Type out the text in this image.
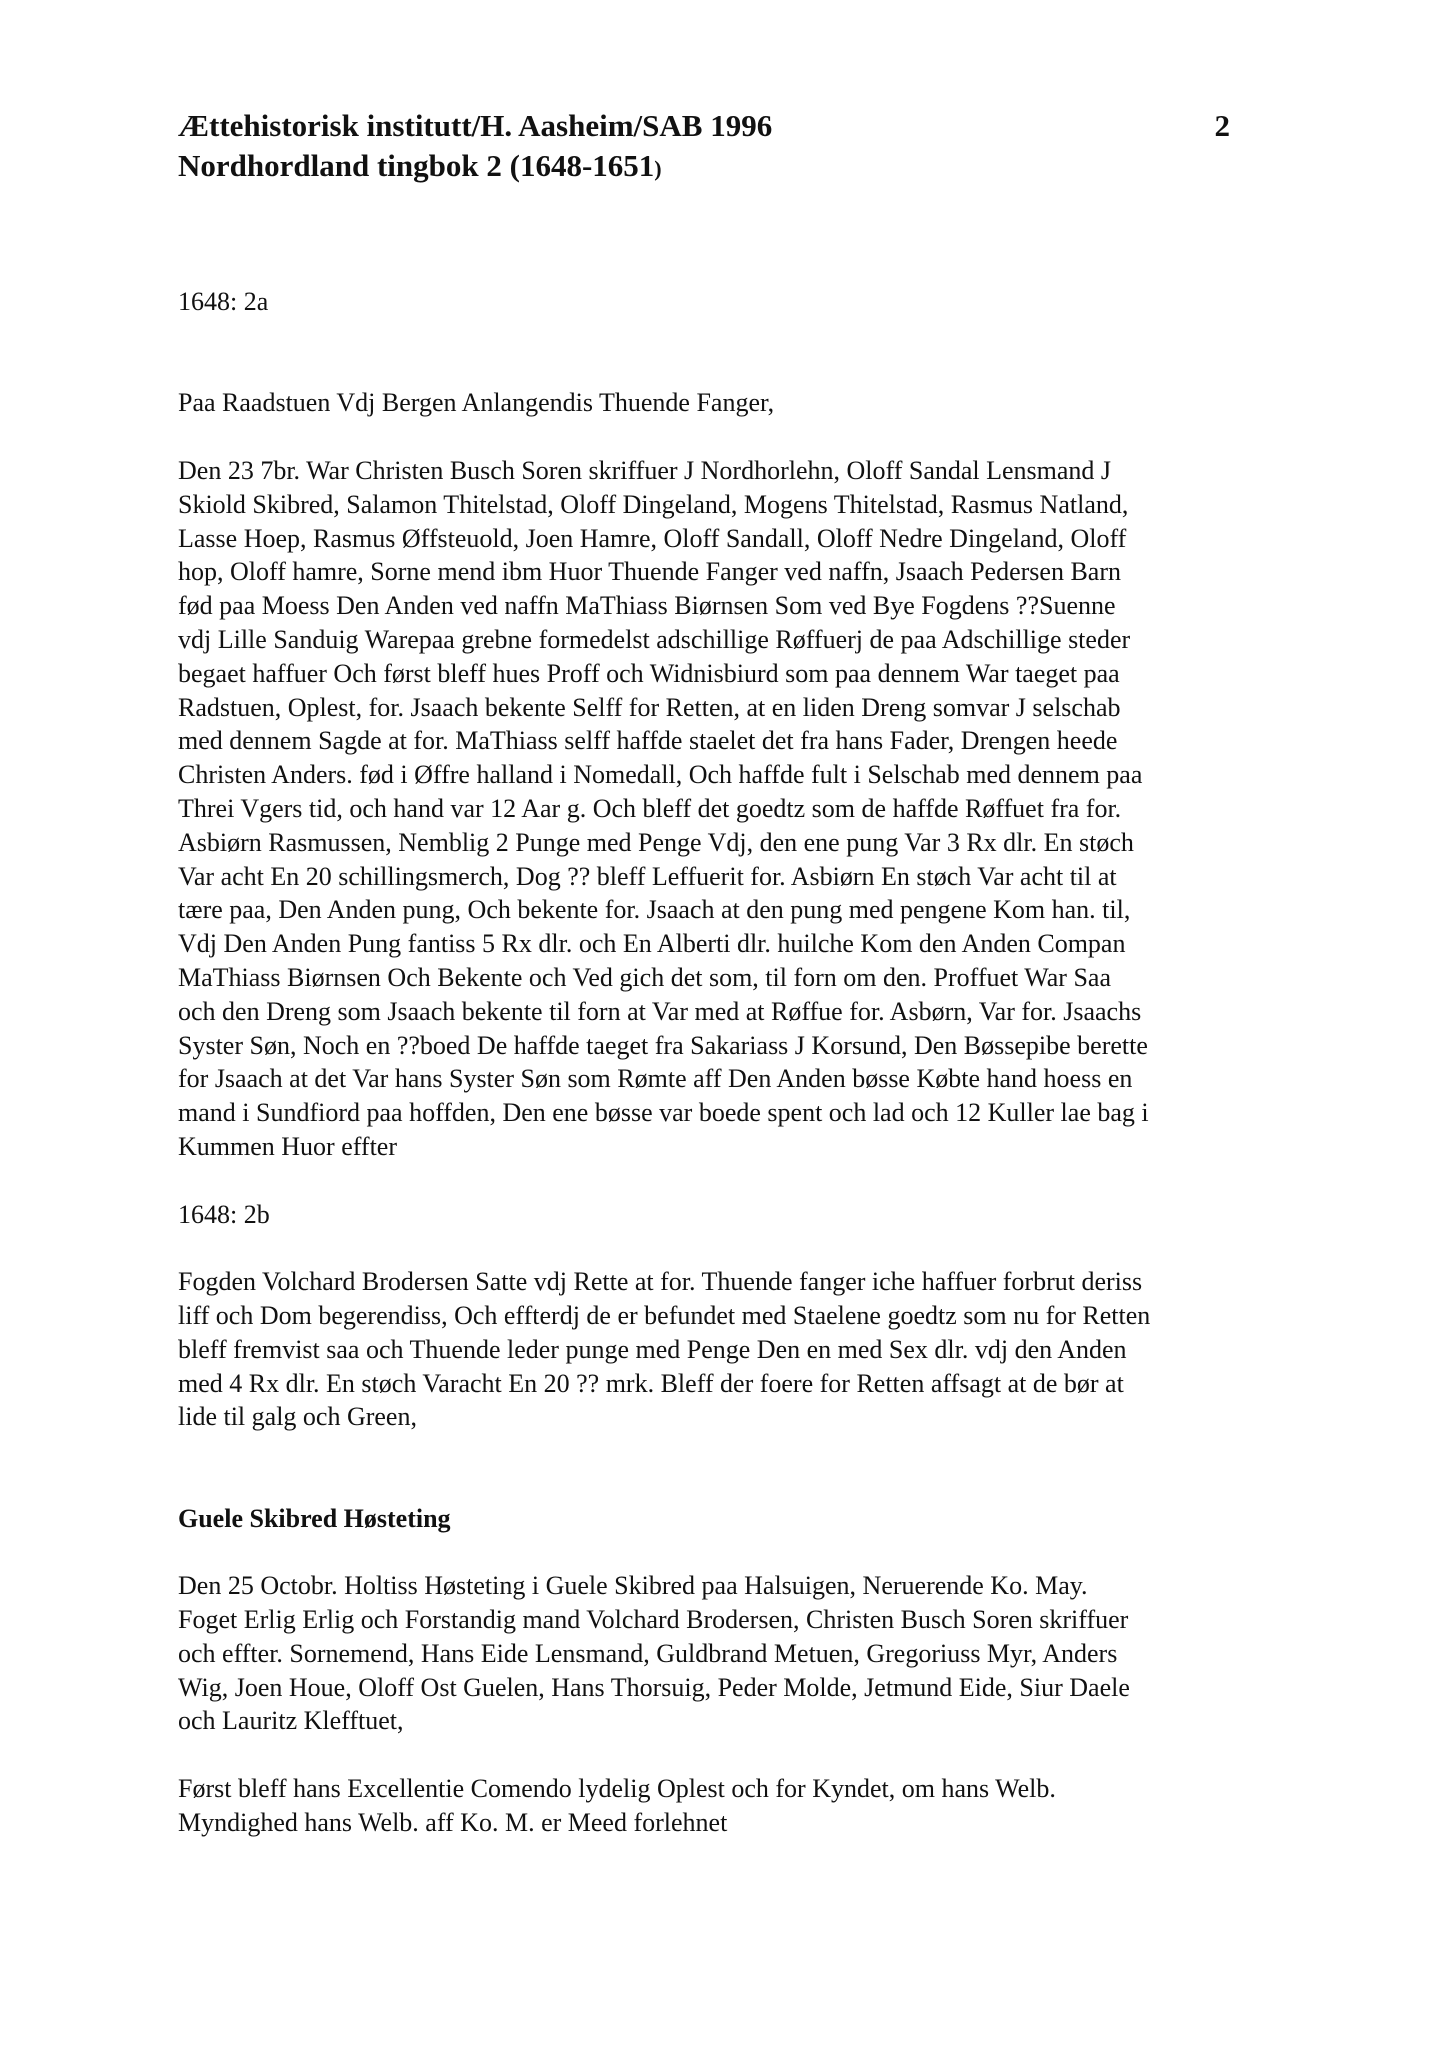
Ættehistorisk institutt/H. Aasheim/SAB 1996	2
Nordhordland tingbok 2 (1648-1651)

1648: 2a

Paa Raadstuen Vdj Bergen Anlangendis Thuende Fanger,

Den 23 7br. War Christen Busch Soren skriffuer J Nordhorlehn, Oloff Sandal Lensmand J
Skiold Skibred, Salamon Thitelstad, Oloff Dingeland, Mogens Thitelstad, Rasmus Natland,
Lasse Hoep, Rasmus Øffsteuold, Joen Hamre, Oloff Sandall, Oloff Nedre Dingeland, Oloff
hop, Oloff hamre, Sorne mend ibm Huor Thuende Fanger ved naffn, Jsaach Pedersen Barn
fød paa Moess Den Anden ved naffn MaThiass Biørnsen Som ved Bye Fogdens ??Suenne
vdj Lille Sanduig Warepaa grebne formedelst adschillige Røffuerj de paa Adschillige steder
begaet haffuer Och først bleff hues Proff och Widnisbiurd som paa dennem War taeget paa
Radstuen, Oplest, for. Jsaach bekente Selff for Retten, at en liden Dreng somvar J selschab
med dennem Sagde at for. MaThiass selff haffde staelet det fra hans Fader, Drengen heede
Christen Anders. fød i Øffre halland i Nomedall, Och haffde fult i Selschab med dennem paa
Threi Vgers tid, och hand var 12 Aar g. Och bleff det goedtz som de haffde Røffuet fra for.
Asbiørn Rasmussen, Nemblig 2 Punge med Penge Vdj, den ene pung Var 3 Rx dlr. En støch
Var acht En 20 schillingsmerch, Dog ?? bleff Leffuerit for. Asbiørn En støch Var acht til at
tære paa, Den Anden pung, Och bekente for. Jsaach at den pung med pengene Kom han. til,
Vdj Den Anden Pung fantiss 5 Rx dlr. och En Alberti dlr. huilche Kom den Anden Compan
MaThiass Biørnsen Och Bekente och Ved gich det som, til forn om den. Proffuet War Saa
och den Dreng som Jsaach bekente til forn at Var med at Røffue for. Asbørn, Var for. Jsaachs
Syster Søn, Noch en ??boed De haffde taeget fra Sakariass J Korsund, Den Bøssepibe berette
for Jsaach at det Var hans Syster Søn som Rømte aff Den Anden bøsse Købte hand hoess en
mand i Sundfiord paa hoffden, Den ene bøsse var boede spent och lad och 12 Kuller lae bag i
Kummen Huor effter

1648: 2b

Fogden Volchard Brodersen Satte vdj Rette at for. Thuende fanger iche haffuer forbrut deriss
liff och Dom begerendiss, Och effterdj de er befundet med Staelene goedtz som nu for Retten
bleff fremvist saa och Thuende leder punge med Penge Den en med Sex dlr. vdj den Anden
med 4 Rx dlr. En støch Varacht En 20 ?? mrk. Bleff der foere for Retten affsagt at de bør at
lide til galg och Green,

Guele Skibred Høsteting

Den 25 Octobr. Holtiss Høsteting i Guele Skibred paa Halsuigen, Neruerende Ko. May.
Foget Erlig Erlig och Forstandig mand Volchard Brodersen, Christen Busch Soren skriffuer
och effter. Sornemend, Hans Eide Lensmand, Guldbrand Metuen, Gregoriuss Myr, Anders
Wig, Joen Houe, Oloff Ost Guelen, Hans Thorsuig, Peder Molde, Jetmund Eide, Siur Daele
och Lauritz Klefftuet,

Først bleff hans Excellentie Comendo lydelig Oplest och for Kyndet, om hans Welb.
Myndighed hans Welb. aff Ko. M. er Meed forlehnet
